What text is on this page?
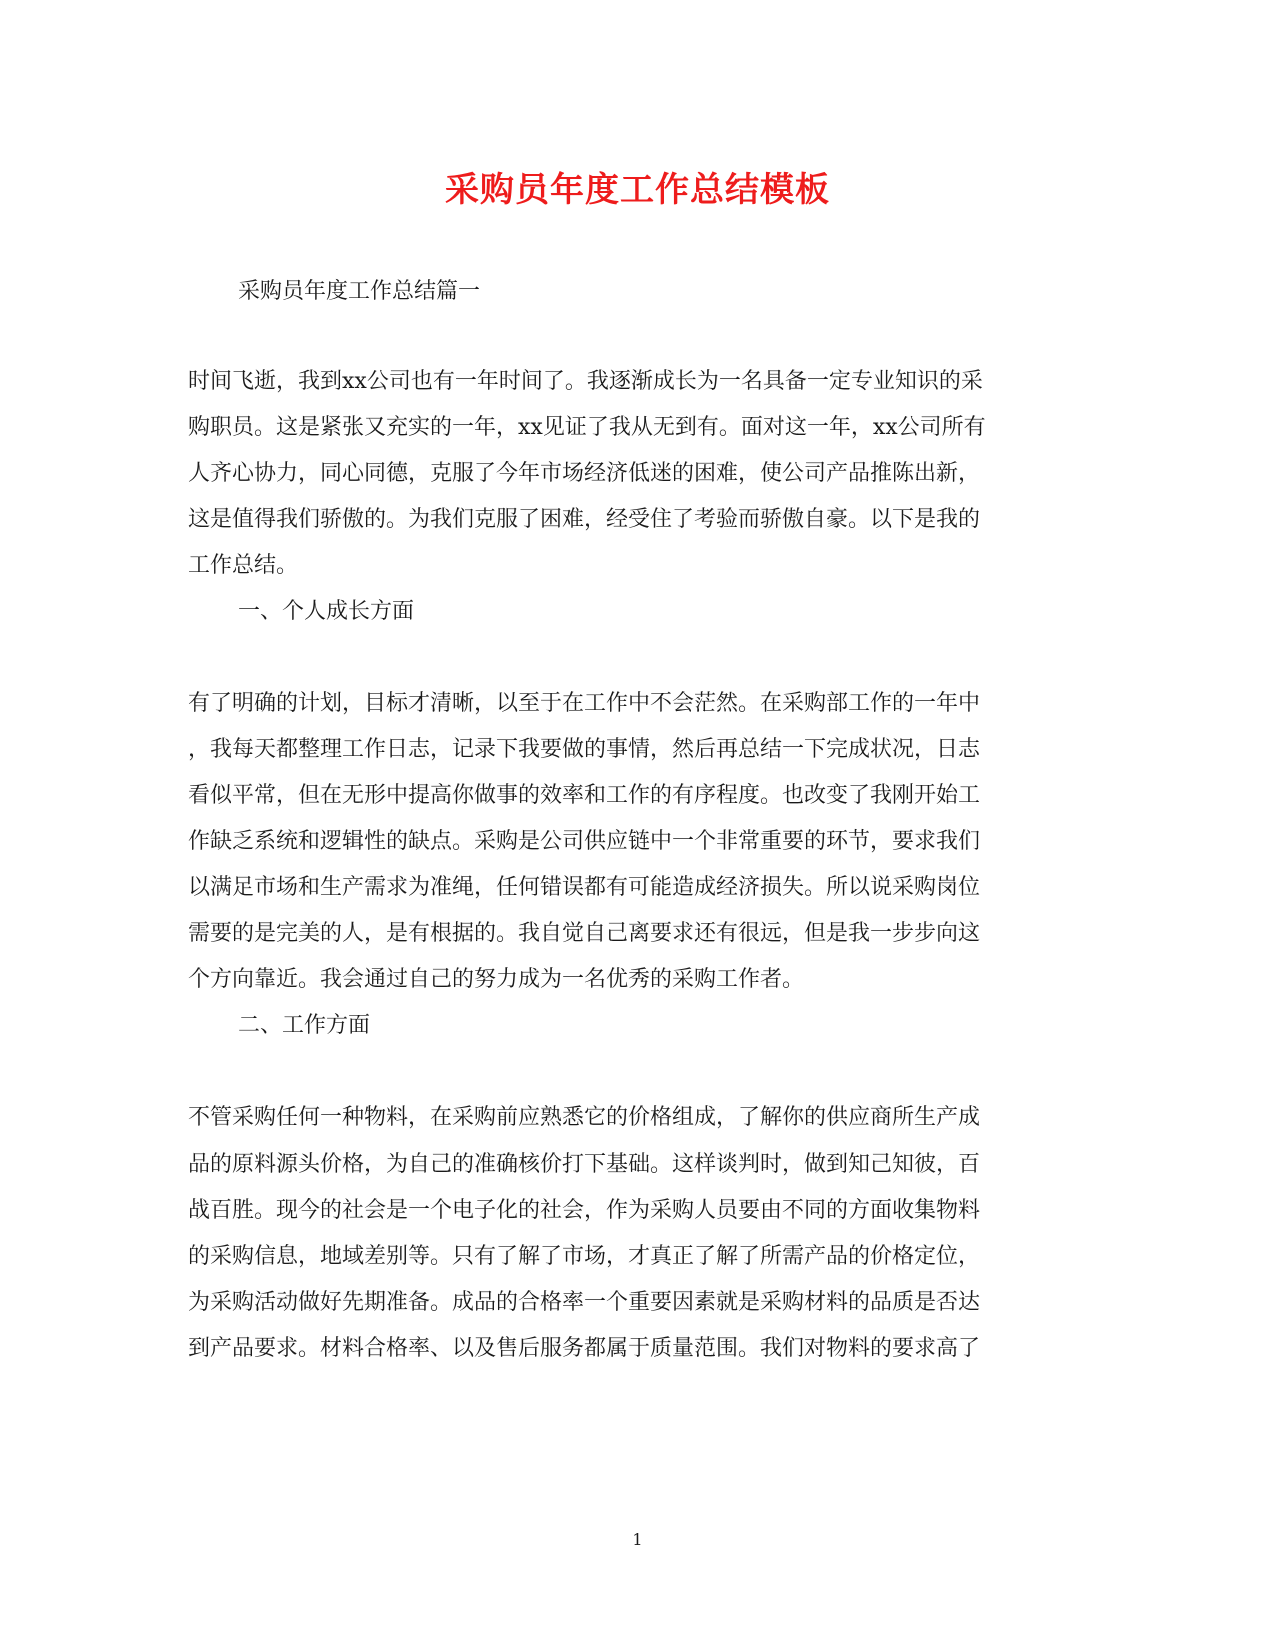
采购员年度工作总结模板

采购员年度工作总结篇一

时间飞逝，我到xx公司也有一年时间了。我逐渐成长为一名具备一定专业知识的采

购职员。这是紧张又充实的一年，xx见证了我从无到有。面对这一年，xx公司所有

人齐心协力，同心同德，克服了今年市场经济低迷的困难，使公司产品推陈出新，

这是值得我们骄傲的。为我们克服了困难，经受住了考验而骄傲自豪。以下是我的

工作总结。

一、个人成长方面

有了明确的计划，目标才清晰，以至于在工作中不会茫然。在采购部工作的一年中

，我每天都整理工作日志，记录下我要做的事情，然后再总结一下完成状况，日志

看似平常，但在无形中提高你做事的效率和工作的有序程度。也改变了我刚开始工

作缺乏系统和逻辑性的缺点。采购是公司供应链中一个非常重要的环节，要求我们

以满足市场和生产需求为准绳，任何错误都有可能造成经济损失。所以说采购岗位

需要的是完美的人，是有根据的。我自觉自己离要求还有很远，但是我一步步向这

个方向靠近。我会通过自己的努力成为一名优秀的采购工作者。

二、工作方面

不管采购任何一种物料，在采购前应熟悉它的价格组成，了解你的供应商所生产成

品的原料源头价格，为自己的准确核价打下基础。这样谈判时，做到知己知彼，百

战百胜。现今的社会是一个电子化的社会，作为采购人员要由不同的方面收集物料

的采购信息，地域差别等。只有了解了市场，才真正了解了所需产品的价格定位，

为采购活动做好先期准备。成品的合格率一个重要因素就是采购材料的品质是否达

到产品要求。材料合格率、以及售后服务都属于质量范围。我们对物料的要求高了

1
